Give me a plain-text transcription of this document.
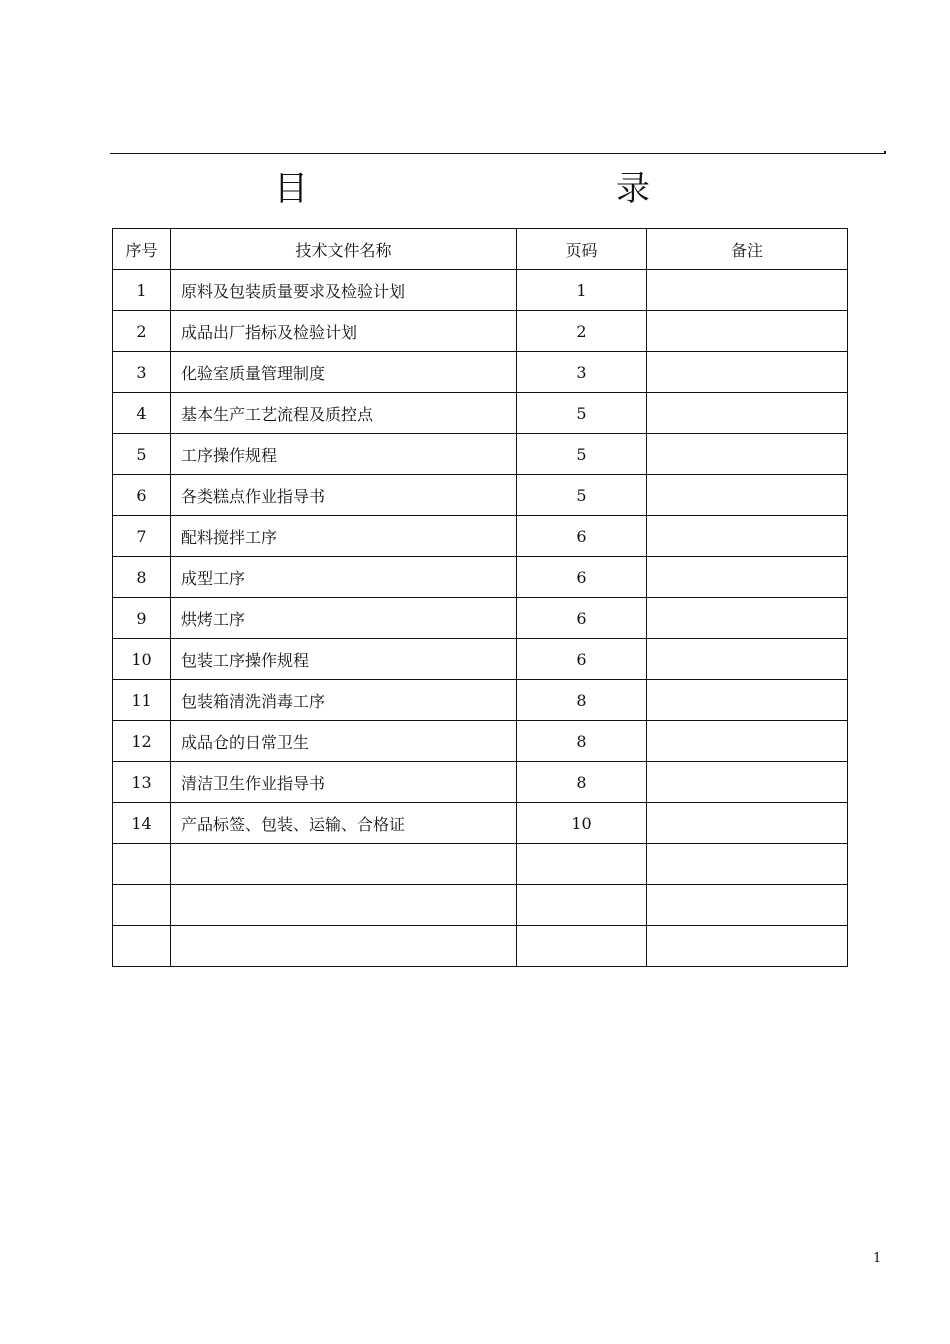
目　　录
序号	技术文件名称	页码	备注
1	原料及包装质量要求及检验计划	1	
2	成品出厂指标及检验计划	2	
3	化验室质量管理制度	3	
4	基本生产工艺流程及质控点	5	
5	工序操作规程	5	
6	各类糕点作业指导书	5	
7	配料搅拌工序	6	
8	成型工序	6	
9	烘烤工序	6	
10	包装工序操作规程	6	
11	包装箱清洗消毒工序	8	
12	成品仓的日常卫生	8	
13	清洁卫生作业指导书	8	
14	产品标签、包装、运输、合格证	10	

1
